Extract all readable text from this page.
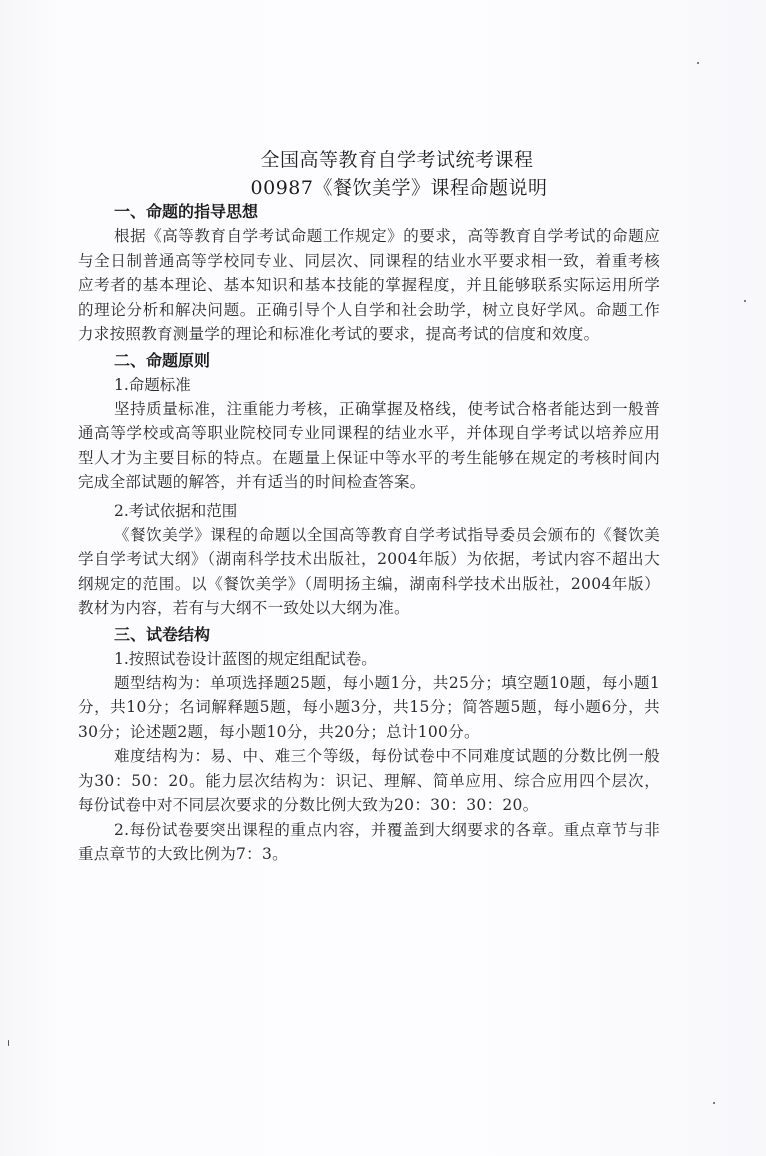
全国高等教育自学考试统考课程
00987《餐饮美学》课程命题说明

一、命题的指导思想

根据《高等教育自学考试命题工作规定》的要求，高等教育自学考试的命题应与全日制普通高等学校同专业、同层次、同课程的结业水平要求相一致，着重考核应考者的基本理论、基本知识和基本技能的掌握程度，并且能够联系实际运用所学的理论分析和解决问题。正确引导个人自学和社会助学，树立良好学风。命题工作力求按照教育测量学的理论和标准化考试的要求，提高考试的信度和效度。

二、命题原则

1.命题标准

坚持质量标准，注重能力考核，正确掌握及格线，使考试合格者能达到一般普通高等学校或高等职业院校同专业同课程的结业水平，并体现自学考试以培养应用型人才为主要目标的特点。在题量上保证中等水平的考生能够在规定的考核时间内完成全部试题的解答，并有适当的时间检查答案。

2.考试依据和范围

《餐饮美学》课程的命题以全国高等教育自学考试指导委员会颁布的《餐饮美学自学考试大纲》（湖南科学技术出版社，2004年版）为依据，考试内容不超出大纲规定的范围。以《餐饮美学》（周明扬主编，湖南科学技术出版社，2004年版）教材为内容，若有与大纲不一致处以大纲为准。

三、试卷结构

1.按照试卷设计蓝图的规定组配试卷。

题型结构为：单项选择题25题，每小题1分，共25分；填空题10题，每小题1分，共10分；名词解释题5题，每小题3分，共15分；简答题5题，每小题6分，共30分；论述题2题，每小题10分，共20分；总计100分。

难度结构为：易、中、难三个等级，每份试卷中不同难度试题的分数比例一般为30：50：20。能力层次结构为：识记、理解、简单应用、综合应用四个层次，每份试卷中对不同层次要求的分数比例大致为20：30：30：20。

2.每份试卷要突出课程的重点内容，并覆盖到大纲要求的各章。重点章节与非重点章节的大致比例为7：3。
